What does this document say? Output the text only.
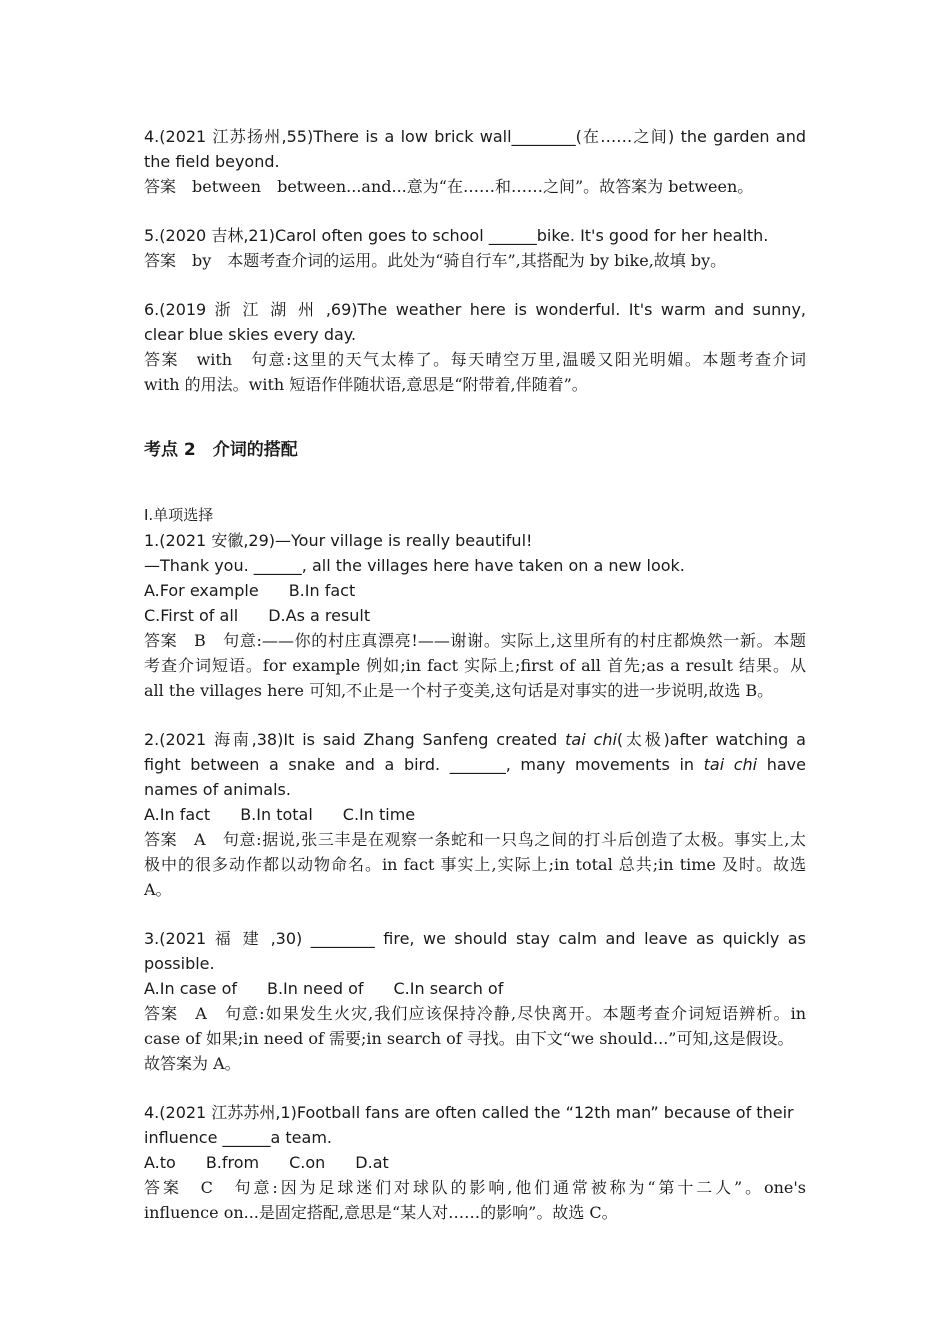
4.(2021 江苏扬州,55)There is a low brick wall________(在……之间) the garden and
the field beyond.
答案　between　between...and...意为“在……和……之间”。故答案为 between。
5.(2020 吉林,21)Carol often goes to school ______bike. It's good for her health.
答案　by　本题考查介词的运用。此处为“骑自行车”,其搭配为 by bike,故填 by。
6.(2019 浙 江 湖 州 ,69)The weather here is wonderful. It's warm and sunny,
clear blue skies every day.
答案　with　句意:这里的天气太棒了。每天晴空万里,温暖又阳光明媚。本题考查介词
with 的用法。with 短语作伴随状语,意思是“附带着,伴随着”。
考点 2　介词的搭配
Ⅰ.单项选择
1.(2021 安徽,29)—Your village is really beautiful!
—Thank you. ______, all the villages here have taken on a new look.
A.For example B.In fact
C.First of all D.As a result
答案　B　句意:——你的村庄真漂亮!——谢谢。实际上,这里所有的村庄都焕然一新。本题
考查介词短语。for example 例如;in fact 实际上;first of all 首先;as a result 结果。从
all the villages here 可知,不止是一个村子变美,这句话是对事实的进一步说明,故选 B。
2.(2021 海南,38)It is said Zhang Sanfeng created tai chi(太极)after watching a
fight between a snake and a bird. _______, many movements in tai chi have
names of animals.
A.In fact B.In total C.In time
答案　A　句意:据说,张三丰是在观察一条蛇和一只鸟之间的打斗后创造了太极。事实上,太
极中的很多动作都以动物命名。in fact 事实上,实际上;in total 总共;in time 及时。故选
A。
3.(2021 福 建 ,30) ________ fire, we should stay calm and leave as quickly as
possible.
A.In case of B.In need of C.In search of
答案　A　句意:如果发生火灾,我们应该保持冷静,尽快离开。本题考查介词短语辨析。in
case of 如果;in need of 需要;in search of 寻找。由下文“we should...”可知,这是假设。
故答案为 A。
4.(2021 江苏苏州,1)Football fans are often called the “12th man” because of their
influence ______a team.
A.to B.from C.on D.at
答案　C　句意:因为足球迷们对球队的影响,他们通常被称为“第十二人”。one's
influence on...是固定搭配,意思是“某人对……的影响”。故选 C。
